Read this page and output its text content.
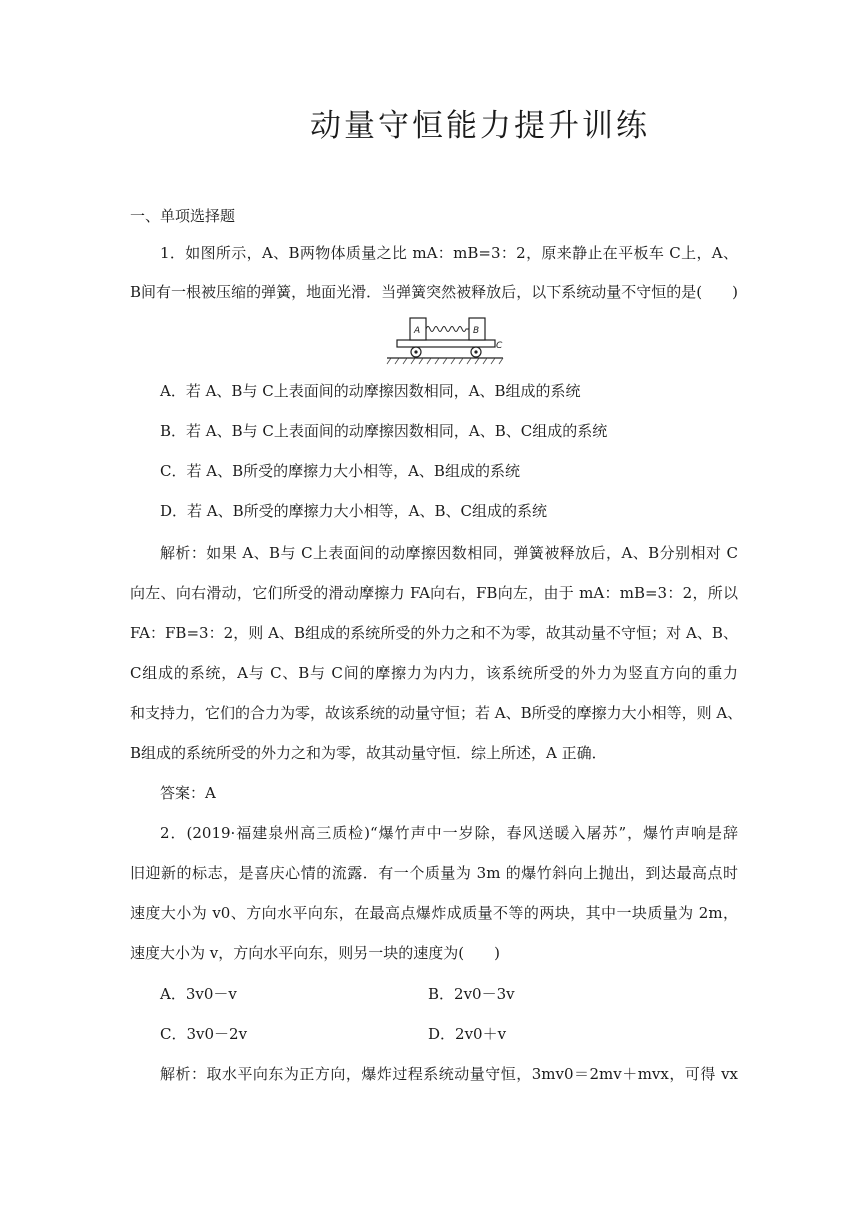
动量守恒能力提升训练
一、单项选择题
1．如图所示，A、B两物体质量之比 mA：mB=3：2，原来静止在平板车 C上，A、
B间有一根被压缩的弹簧，地面光滑．当弹簧突然被释放后，以下系统动量不守恒的是(　　)
A	B
C
A．若 A、B与 C上表面间的动摩擦因数相同，A、B组成的系统
B．若 A、B与 C上表面间的动摩擦因数相同，A、B、C组成的系统
C．若 A、B所受的摩擦力大小相等，A、B组成的系统
D．若 A、B所受的摩擦力大小相等，A、B、C组成的系统
解析：如果 A、B与 C上表面间的动摩擦因数相同，弹簧被释放后，A、B分别相对 C
向左、向右滑动，它们所受的滑动摩擦力 FA向右，FB向左，由于 mA：mB=3：2，所以
FA：FB=3：2，则 A、B组成的系统所受的外力之和不为零，故其动量不守恒；对 A、B、
C组成的系统，A与 C、B与 C间的摩擦力为内力，该系统所受的外力为竖直方向的重力
和支持力，它们的合力为零，故该系统的动量守恒；若 A、B所受的摩擦力大小相等，则 A、
B组成的系统所受的外力之和为零，故其动量守恒．综上所述，A 正确．
答案：A
2．(2019·福建泉州高三质检)“爆竹声中一岁除，春风送暖入屠苏”，爆竹声响是辞
旧迎新的标志，是喜庆心情的流露．有一个质量为 3m 的爆竹斜向上抛出，到达最高点时
速度大小为 v0、方向水平向东，在最高点爆炸成质量不等的两块，其中一块质量为 2m，
速度大小为 v，方向水平向东，则另一块的速度为(　　)
A．3v0－v	B．2v0－3v
C．3v0－2v	D．2v0＋v
解析：取水平向东为正方向，爆炸过程系统动量守恒，3mv0＝2mv＋mvx，可得 vx
